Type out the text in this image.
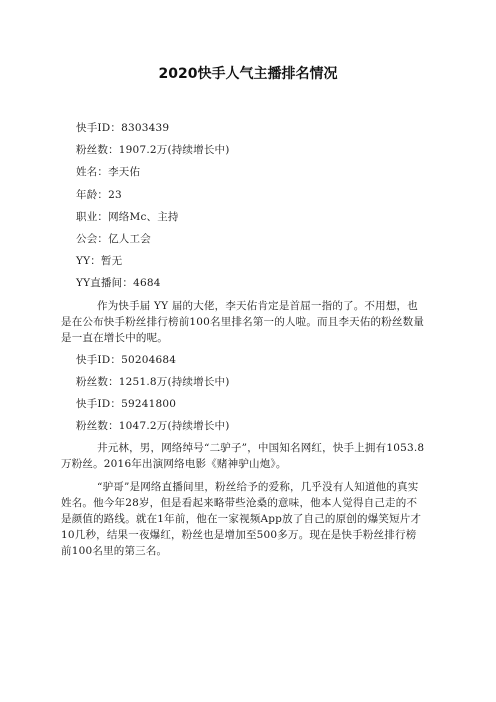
2020快手人气主播排名情况

快手ID：8303439

粉丝数：1907.2万(持续增长中)

姓名：李天佑

年龄：23

职业：网络Mc、主持

公会：亿人工会

YY：暂无

YY直播间：4684

作为快手届 YY 届的大佬，李天佑肯定是首屈一指的了。不用想，也是在公布快手粉丝排行榜前100名里排名第一的人啦。而且李天佑的粉丝数量是一直在增长中的呢。

快手ID：50204684

粉丝数：1251.8万(持续增长中)

快手ID：59241800

粉丝数：1047.2万(持续增长中)

井元林，男，网络绰号“二驴子”，中国知名网红，快手上拥有1053.8万粉丝。2016年出演网络电影《赌神驴山炮》。

“驴哥”是网络直播间里，粉丝给予的爱称，几乎没有人知道他的真实姓名。他今年28岁，但是看起来略带些沧桑的意味，他本人觉得自己走的不是颜值的路线。就在1年前，他在一家视频App放了自己的原创的爆笑短片才10几秒，结果一夜爆红，粉丝也是增加至500多万。现在是快手粉丝排行榜前100名里的第三名。
